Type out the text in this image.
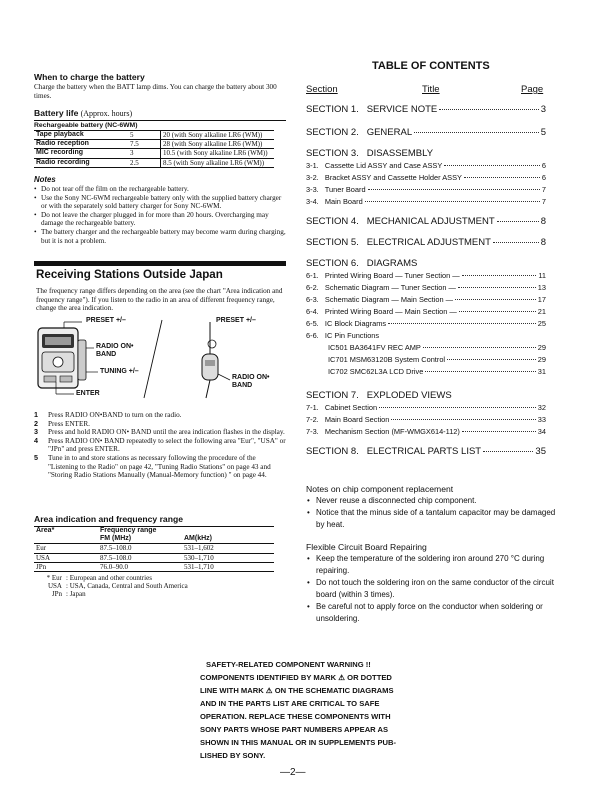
When to charge the battery
Charge the battery when the BATT lamp dims. You can charge the battery about 300 times.
Battery life (Approx. hours)
Rechargeable battery (NC-6WM)
Tape playback	5	20 (with Sony alkaline LR6 (WM))
Radio reception	7.5	28 (with Sony alkaline LR6 (WM))
MIC recording	3	10.5 (with Sony alkaline LR6 (WM))
Radio recording	2.5	8.5 (with Sony alkaline LR6 (WM))
Notes
• Do not tear off the film on the rechargeable battery.
• Use the Sony NC-6WM rechargeable battery only with the supplied battery charger or with the separately sold battery charger for Sony NC-6WM.
• Do not leave the charger plugged in for more than 20 hours. Overcharging may damage the rechargeable battery.
• The battery charger and the rechargeable battery may become warm during charging, but it is not a problem.
Receiving Stations Outside Japan
The frequency range differs depending on the area (see the chart "Area indication and frequency range"). If you listen to the radio in an area of different frequency range, change the area indication.
PRESET +/–
RADIO ON•
BAND
TUNING +/–
ENTER
PRESET +/–
RADIO ON•
BAND
1 Press RADIO ON•BAND to turn on the radio.
2 Press ENTER.
3 Press and hold RADIO ON• BAND until the area indication flashes in the display.
4 Press RADIO ON• BAND repeatedly to select the following area "Eur", "USA" or "JPn" and press ENTER.
5 Tune in to and store stations as necessary following the procedure of the "Listening to the Radio" on page 42, "Tuning Radio Stations" on page 43 and "Storing Radio Stations Manually (Manual-Memory function) " on page 44.
Area indication and frequency range
Area*	Frequency range	
	FM (MHz)	AM(kHz)
Eur	87.5–108.0	531–1,602
USA	87.5–108.0	530–1,710
JPn	76.0–90.0	531–1,710
* Eur	: European and other countries
USA	: USA, Canada, Central and South America
JPn	: Japan
TABLE OF CONTENTS
Section	Title	Page
SECTION 1.   SERVICE NOTE	3
SECTION 2.   GENERAL	5
SECTION 3.   DISASSEMBLY
3-1.   Cassette Lid ASSY and Case ASSY	6
3-2.   Bracket ASSY and Cassette Holder ASSY	6
3-3.   Tuner Board	7
3-4.   Main Board	7
SECTION 4.   MECHANICAL ADJUSTMENT	8
SECTION 5.   ELECTRICAL ADJUSTMENT	8
SECTION 6.   DIAGRAMS
6-1.   Printed Wiring Board — Tuner Section —	11
6-2.   Schematic Diagram — Tuner Section —	13
6-3.   Schematic Diagram — Main Section —	17
6-4.   Printed Wiring Board — Main Section —	21
6-5.   IC Block Diagrams	25
6-6.   IC Pin Functions
IC501 BA3641FV REC AMP	29
IC701 MSM63120B System Control	29
IC702 SMC62L3A LCD Drive	31
SECTION 7.   EXPLODED VIEWS
7-1.   Cabinet Section	32
7-2.   Main Board Section	33
7-3.   Mechanism Section (MF-WMGX614-112)	34
SECTION 8.   ELECTRICAL PARTS LIST	35
Notes on chip component replacement
• Never reuse a disconnected chip component.
• Notice that the minus side of a tantalum capacitor may be damaged by heat.
Flexible Circuit Board Repairing
• Keep the temperature of the soldering iron around 270 °C during repairing.
• Do not touch the soldering iron on the same conductor of the circuit board (within 3 times).
• Be careful not to apply force on the conductor when soldering or unsoldering.
SAFETY-RELATED COMPONENT WARNING !!
COMPONENTS IDENTIFIED BY MARK ⚠ OR DOTTED
LINE WITH MARK ⚠ ON THE SCHEMATIC DIAGRAMS
AND IN THE PARTS LIST ARE CRITICAL TO SAFE
OPERATION. REPLACE THESE COMPONENTS WITH
SONY PARTS WHOSE PART NUMBERS APPEAR AS
SHOWN IN THIS MANUAL OR IN SUPPLEMENTS PUB-
LISHED BY SONY.
—2—
